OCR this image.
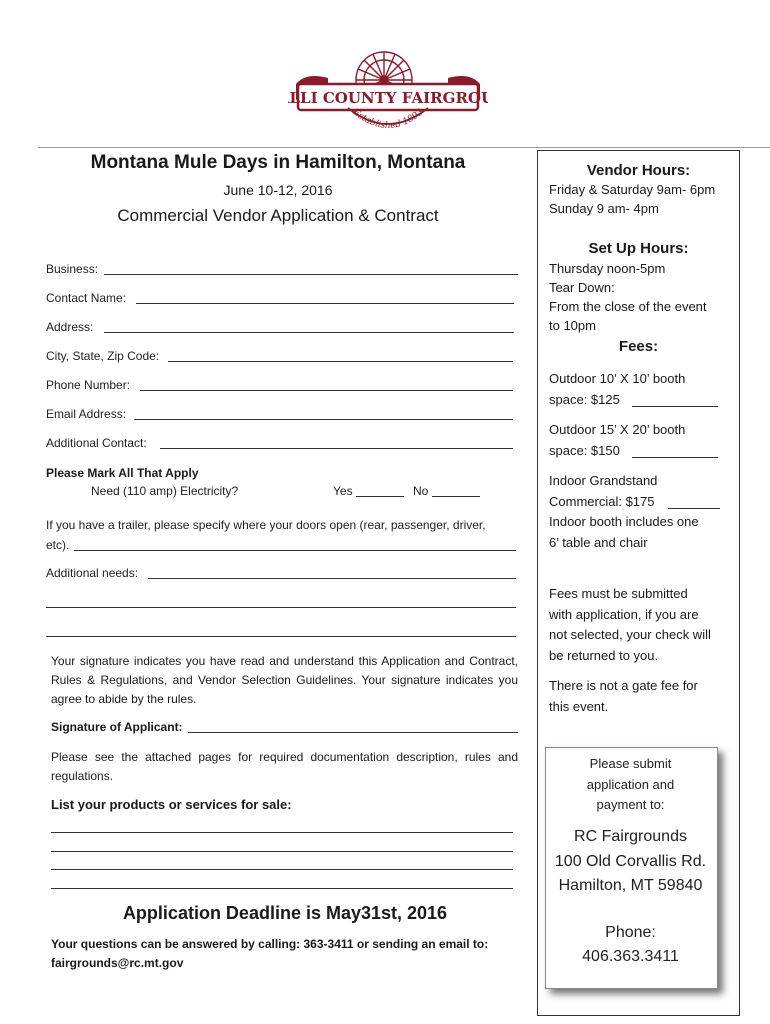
LLI COUNTY FAIRGROU
Established 1893
Montana Mule Days in Hamilton, Montana
June 10-12, 2016
Commercial Vendor Application & Contract
Business:
Contact Name:
Address:
City, State, Zip Code:
Phone Number:
Email Address:
Additional Contact:
Please Mark All That Apply
Need (110 amp) Electricity?	Yes	No
If you have a trailer, please specify where your doors open (rear, passenger, driver,
etc).
Additional needs:
Your signature indicates you have read and understand this Application and Contract, Rules & Regulations, and Vendor Selection Guidelines. Your signature indicates you agree to abide by the rules.
Signature of Applicant:
Please see the attached pages for required documentation description, rules and regulations.
List your products or services for sale:
Application Deadline is May31st, 2016
Your questions can be answered by calling: 363-3411 or sending an email to:
fairgrounds@rc.mt.gov
Vendor Hours:
Friday & Saturday 9am- 6pm
Sunday 9 am- 4pm
Set Up Hours:
Thursday noon-5pm
Tear Down:
From the close of the event
to 10pm
Fees:
Outdoor 10’ X 10’ booth
space: $125
Outdoor 15’ X 20’ booth
space: $150
Indoor Grandstand
Commercial: $175
Indoor booth includes one
6’ table and chair
Fees must be submitted
with application, if you are
not selected, your check will
be returned to you.
There is not a gate fee for
this event.
Please submit
application and
payment to:
RC Fairgrounds
100 Old Corvallis Rd.
Hamilton, MT 59840
Phone:
406.363.3411
